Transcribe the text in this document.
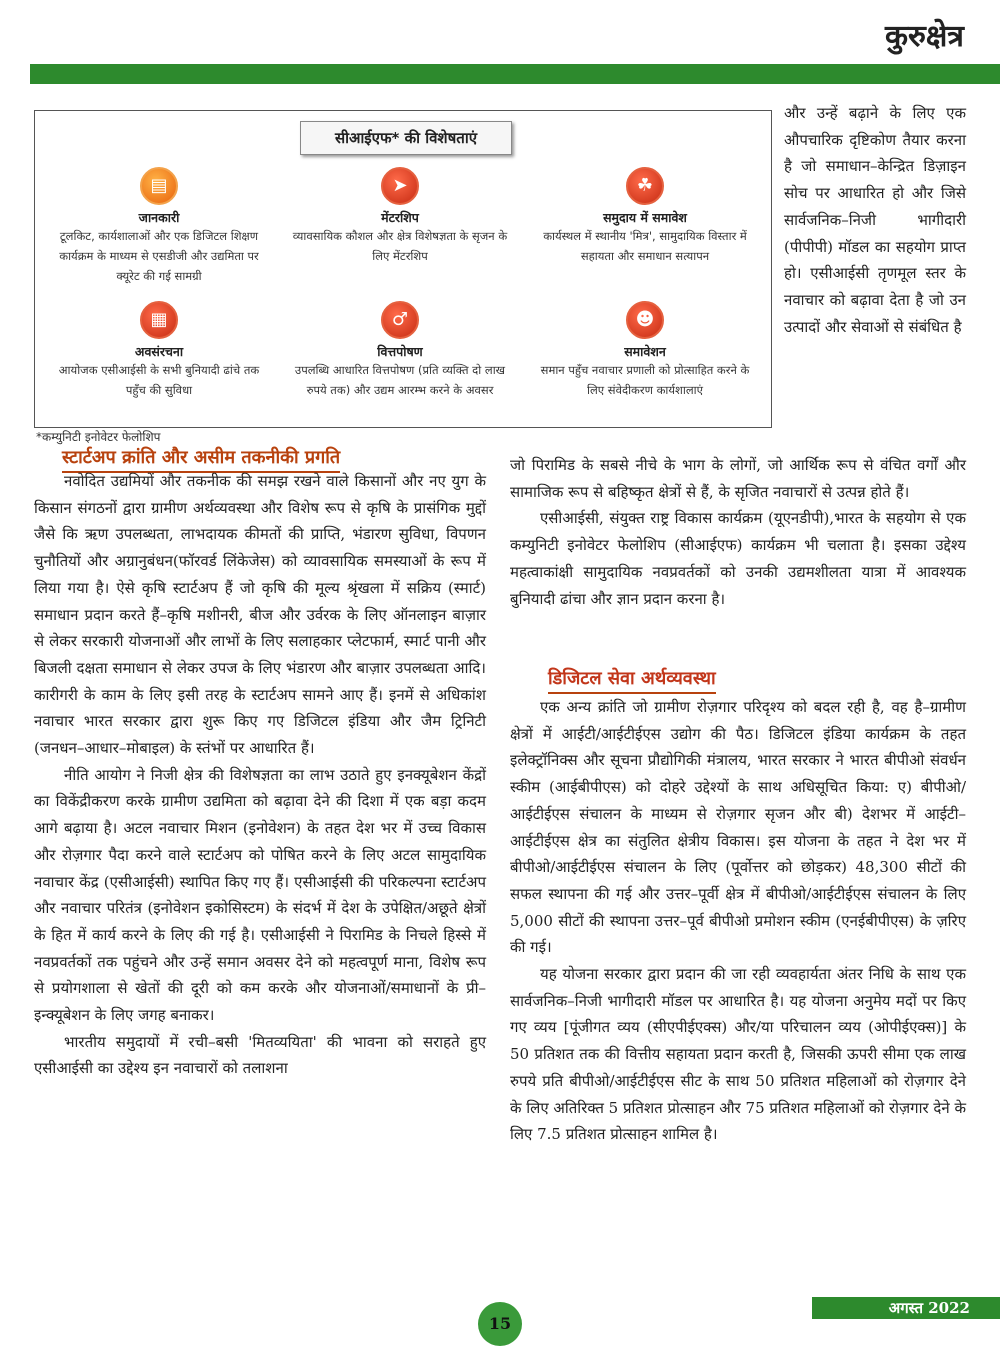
कुरुक्षेत्र
सीआईएफ* की विशेषताएं
▤
जानकारी
टूलकिट, कार्यशालाओं और एक डिजिटल शिक्षण कार्यक्रम के माध्यम से एसडीजी और उद्यमिता पर क्यूरेट की गई सामग्री
➤
मेंटरशिप
व्यावसायिक कौशल और क्षेत्र विशेषज्ञता के सृजन के लिए मेंटरशिप
☘
समुदाय में समावेश
कार्यस्थल में स्थानीय 'मित्र', सामुदायिक विस्तार में सहायता और समाधान सत्यापन
▦
अवसंरचना
आयोजक एसीआईसी के सभी बुनियादी ढांचे तक पहुँच की सुविधा
♂
वित्तपोषण
उपलब्धि आधारित वित्तपोषण (प्रति व्यक्ति दो लाख रुपये तक) और उद्यम आरम्भ करने के अवसर
☻
समावेशन
समान पहुँच नवाचार प्रणाली को प्रोत्साहित करने के लिए संवेदीकरण कार्यशालाएं
*कम्युनिटी इनोवेटर फेलोशिप

और उन्हें बढ़ाने के लिए एक औपचारिक दृष्टिकोण तैयार करना है जो समाधान–केन्द्रित डिज़ाइन सोच पर आधारित हो और जिसे सार्वजनिक–निजी भागीदारी (पीपीपी) मॉडल का सहयोग प्राप्त हो। एसीआईसी तृणमूल स्तर के नवाचार को बढ़ावा देता है जो उन उत्पादों और सेवाओं से संबंधित है

स्टार्टअप क्रांति और असीम तकनीकी प्रगति

नवोदित उद्यमियों और तकनीक की समझ रखने वाले किसानों और नए युग के किसान संगठनों द्वारा ग्रामीण अर्थव्यवस्था और विशेष रूप से कृषि के प्रासंगिक मुद्दों जैसे कि ऋण उपलब्धता, लाभदायक कीमतों की प्राप्ति, भंडारण सुविधा, विपणन चुनौतियों और अग्रानुबंधन(फॉरवर्ड लिंकेजेस) को व्यावसायिक समस्याओं के रूप में लिया गया है। ऐसे कृषि स्टार्टअप हैं जो कृषि की मूल्य श्रृंखला में सक्रिय (स्मार्ट) समाधान प्रदान करते हैं–कृषि मशीनरी, बीज और उर्वरक के लिए ऑनलाइन बाज़ार से लेकर सरकारी योजनाओं और लाभों के लिए सलाहकार प्लेटफार्म, स्मार्ट पानी और बिजली दक्षता समाधान से लेकर उपज के लिए भंडारण और बाज़ार उपलब्धता आदि। कारीगरी के काम के लिए इसी तरह के स्टार्टअप सामने आए हैं। इनमें से अधिकांश नवाचार भारत सरकार द्वारा शुरू किए गए डिजिटल इंडिया और जैम ट्रिनिटी (जनधन–आधार–मोबाइल) के स्तंभों पर आधारित हैं।

नीति आयोग ने निजी क्षेत्र की विशेषज्ञता का लाभ उठाते हुए इनक्यूबेशन केंद्रों का विकेंद्रीकरण करके ग्रामीण उद्यमिता को बढ़ावा देने की दिशा में एक बड़ा कदम आगे बढ़ाया है। अटल नवाचार मिशन (इनोवेशन) के तहत देश भर में उच्च विकास और रोज़गार पैदा करने वाले स्टार्टअप को पोषित करने के लिए अटल सामुदायिक नवाचार केंद्र (एसीआईसी) स्थापित किए गए हैं। एसीआईसी की परिकल्पना स्टार्टअप और नवाचार परितंत्र (इनोवेशन इकोसिस्टम) के संदर्भ में देश के उपेक्षित/अछूते क्षेत्रों के हित में कार्य करने के लिए की गई है। एसीआईसी ने पिरामिड के निचले हिस्से में नवप्रवर्तकों तक पहुंचने और उन्हें समान अवसर देने को महत्वपूर्ण माना, विशेष रूप से प्रयोगशाला से खेतों की दूरी को कम करके और योजनाओं/समाधानों के प्री–इन्क्यूबेशन के लिए जगह बनाकर।

भारतीय समुदायों में रची–बसी 'मितव्ययिता' की भावना को सराहते हुए एसीआईसी का उद्देश्य इन नवाचारों को तलाशना

जो पिरामिड के सबसे नीचे के भाग के लोगों, जो आर्थिक रूप से वंचित वर्गों और सामाजिक रूप से बहिष्कृत क्षेत्रों से हैं, के सृजित नवाचारों से उत्पन्न होते हैं।

एसीआईसी, संयुक्त राष्ट्र विकास कार्यक्रम (यूएनडीपी),भारत के सहयोग से एक कम्युनिटी इनोवेटर फेलोशिप (सीआईएफ) कार्यक्रम भी चलाता है। इसका उद्देश्य महत्वाकांक्षी सामुदायिक नवप्रवर्तकों को उनकी उद्यमशीलता यात्रा में आवश्यक बुनियादी ढांचा और ज्ञान प्रदान करना है।

डिजिटल सेवा अर्थव्यवस्था

एक अन्य क्रांति जो ग्रामीण रोज़गार परिदृश्य को बदल रही है, वह है–ग्रामीण क्षेत्रों में आईटी/आईटीईएस उद्योग की पैठ। डिजिटल इंडिया कार्यक्रम के तहत इलेक्ट्रॉनिक्स और सूचना प्रौद्योगिकी मंत्रालय, भारत सरकार ने भारत बीपीओ संवर्धन स्कीम (आईबीपीएस) को दोहरे उद्देश्यों के साथ अधिसूचित किया: ए) बीपीओ/आईटीईएस संचालन के माध्यम से रोज़गार सृजन और बी) देशभर में आईटी–आईटीईएस क्षेत्र का संतुलित क्षेत्रीय विकास। इस योजना के तहत ने देश भर में बीपीओ/आईटीईएस संचालन के लिए (पूर्वोत्तर को छोड़कर) 48,300 सीटों की सफल स्थापना की गई और उत्तर–पूर्वी क्षेत्र में बीपीओ/आईटीईएस संचालन के लिए 5,000 सीटों की स्थापना उत्तर–पूर्व बीपीओ प्रमोशन स्कीम (एनईबीपीएस) के ज़रिए की गई।

यह योजना सरकार द्वारा प्रदान की जा रही व्यवहार्यता अंतर निधि के साथ एक सार्वजनिक–निजी भागीदारी मॉडल पर आधारित है। यह योजना अनुमेय मदों पर किए गए व्यय [पूंजीगत व्यय (सीएपीईएक्स) और/या परिचालन व्यय (ओपीईएक्स)] के 50 प्रतिशत तक की वित्तीय सहायता प्रदान करती है, जिसकी ऊपरी सीमा एक लाख रुपये प्रति बीपीओ/आईटीईएस सीट के साथ 50 प्रतिशत महिलाओं को रोज़गार देने के लिए अतिरिक्त 5 प्रतिशत प्रोत्साहन और 75 प्रतिशत महिलाओं को रोज़गार देने के लिए 7.5 प्रतिशत प्रोत्साहन शामिल है।

अगस्त 2022
15
